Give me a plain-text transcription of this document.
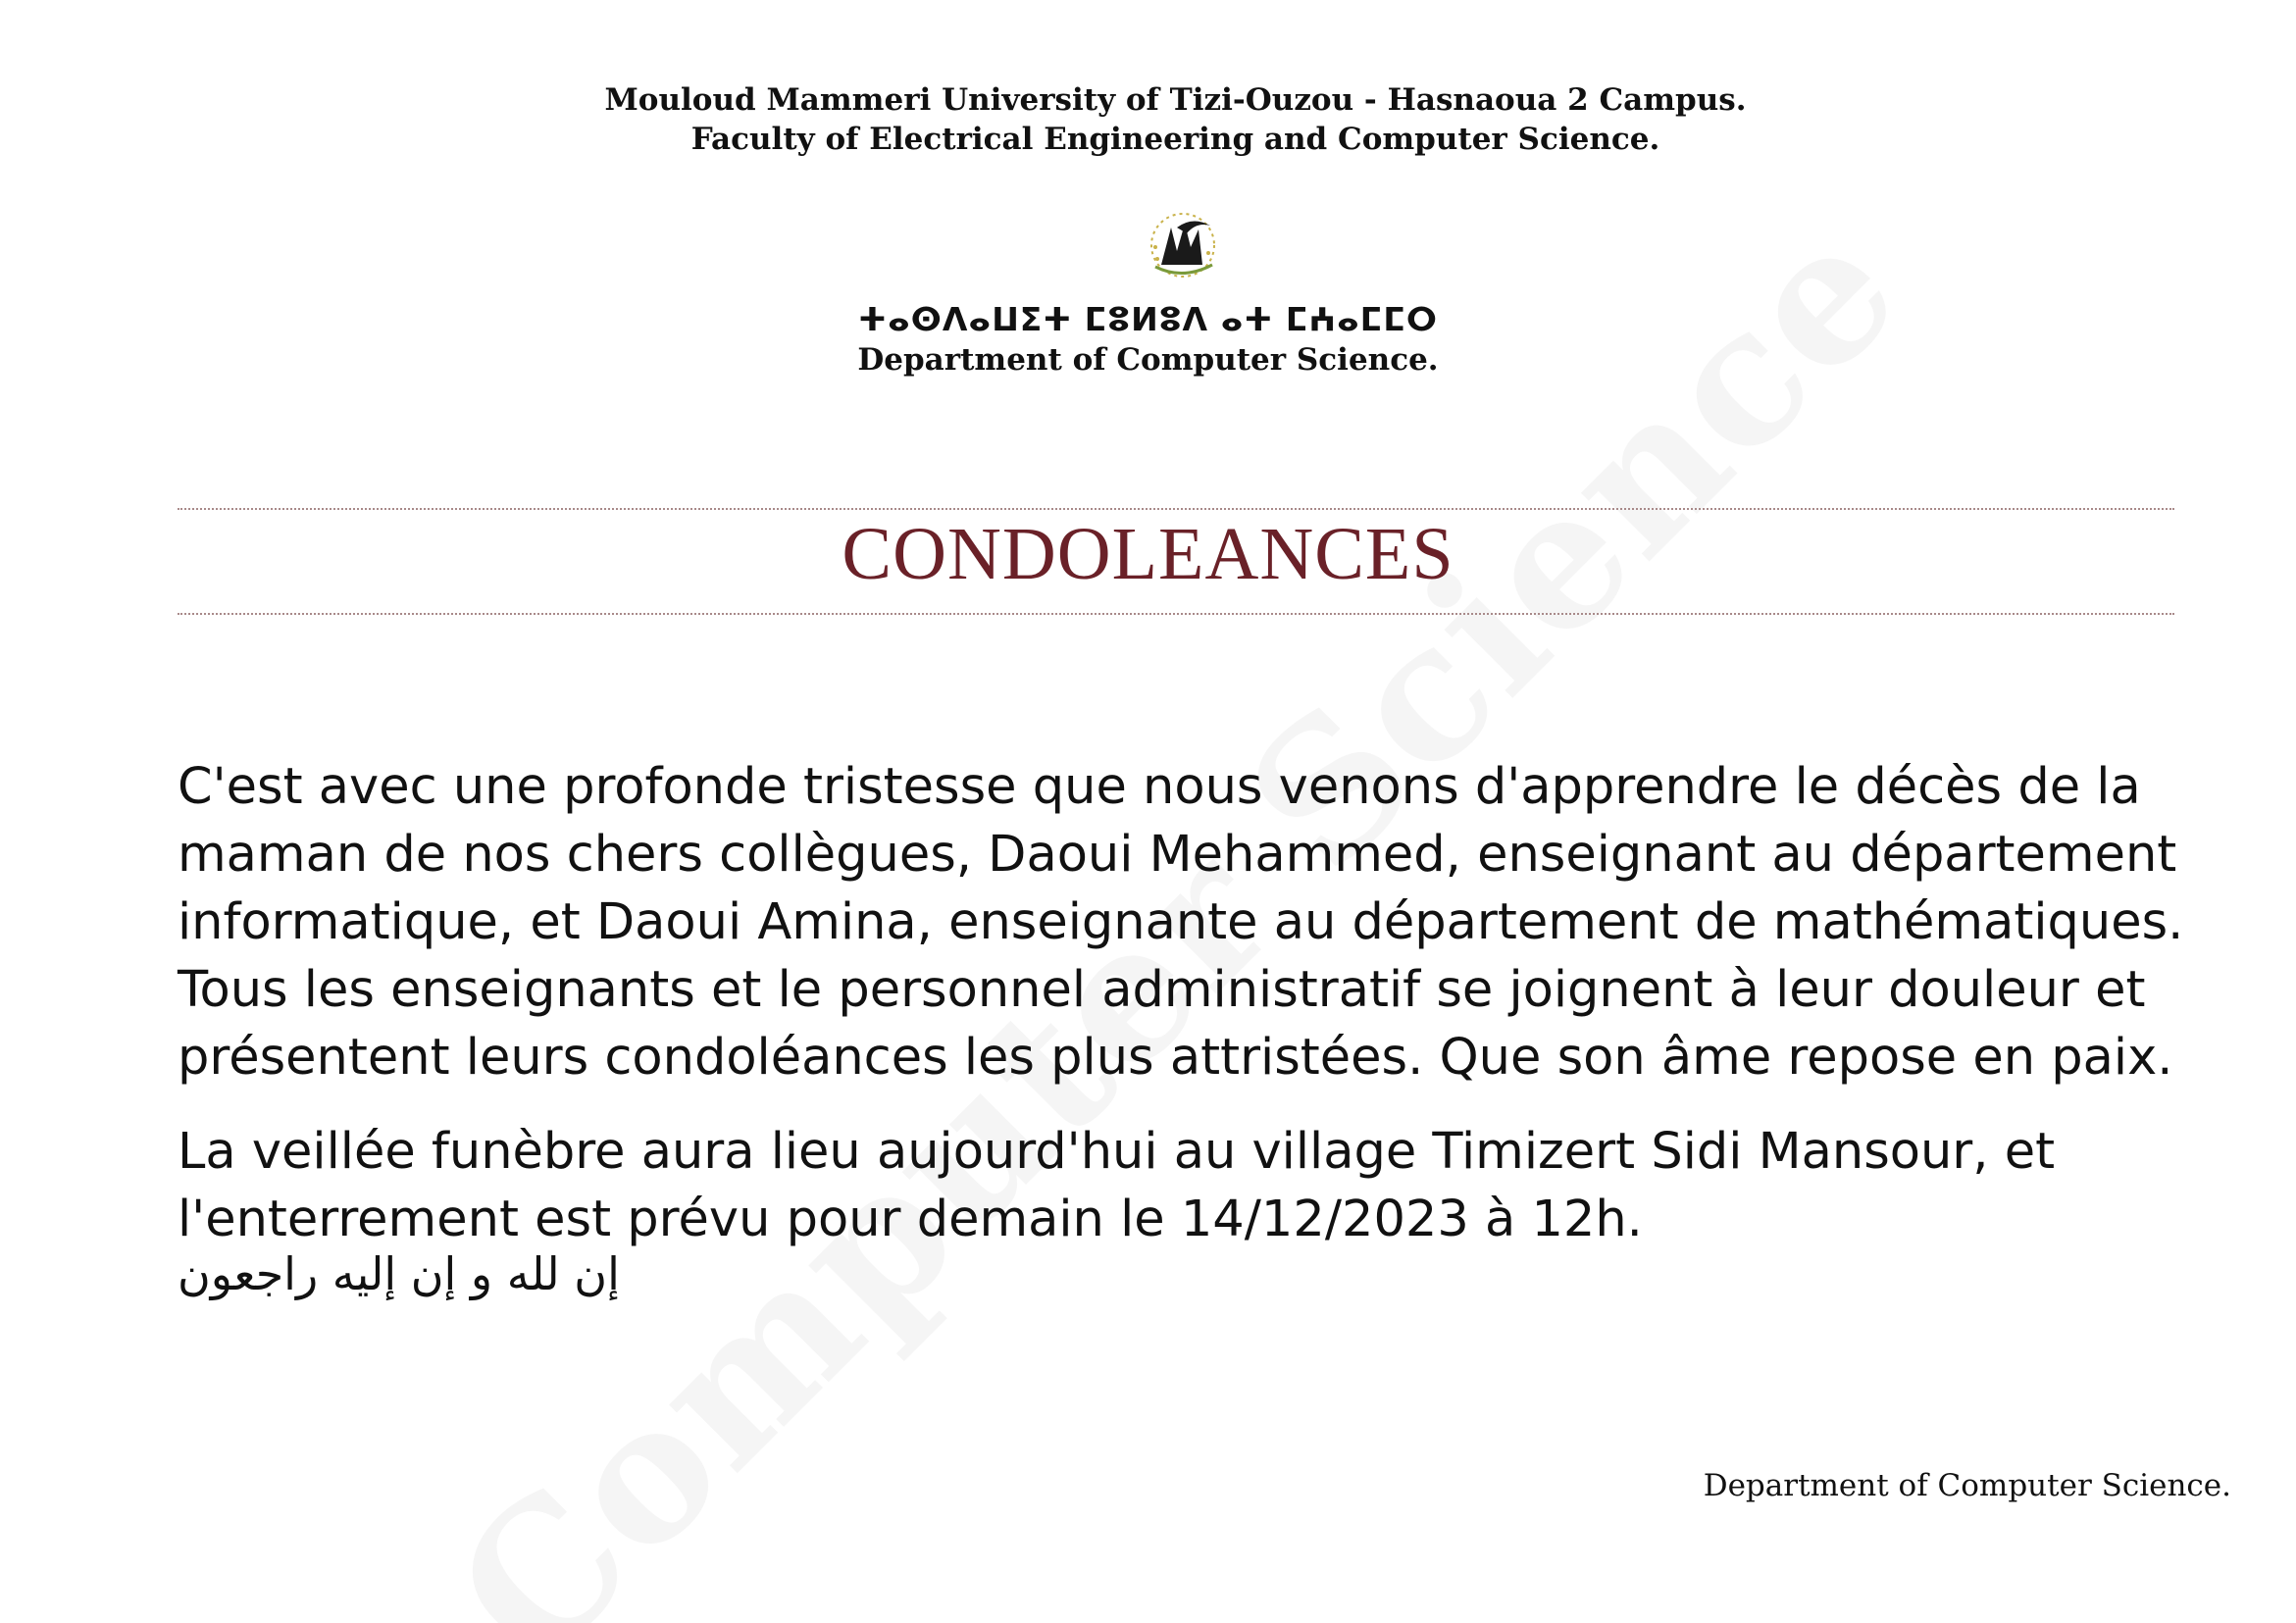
Mouloud Mammeri University of Tizi-Ouzou - Hasnaoua 2 Campus.
Faculty of Electrical Engineering and Computer Science.
ⵜⴰⵙⴷⴰⵡⵉⵜ ⵎⵓⵍⵓⴷ ⴰⵜ ⵎⵄⴰⵎⵎⵔ
Department of Computer Science.
CONDOLEANCES
C'est avec une profonde tristesse que nous venons d'apprendre le décès de la maman de nos chers collègues, Daoui Mehammed, enseignant au département informatique, et Daoui Amina, enseignante au département de mathématiques. Tous les enseignants et le personnel administratif se joignent à leur douleur et présentent leurs condoléances les plus attristées. Que son âme repose en paix.
La veillée funèbre aura lieu aujourd'hui au village Timizert Sidi Mansour, et l'enterrement est prévu pour demain le 14/12/2023 à 12h.
إن لله و إن إليه راجعون
Department of Computer Science.
